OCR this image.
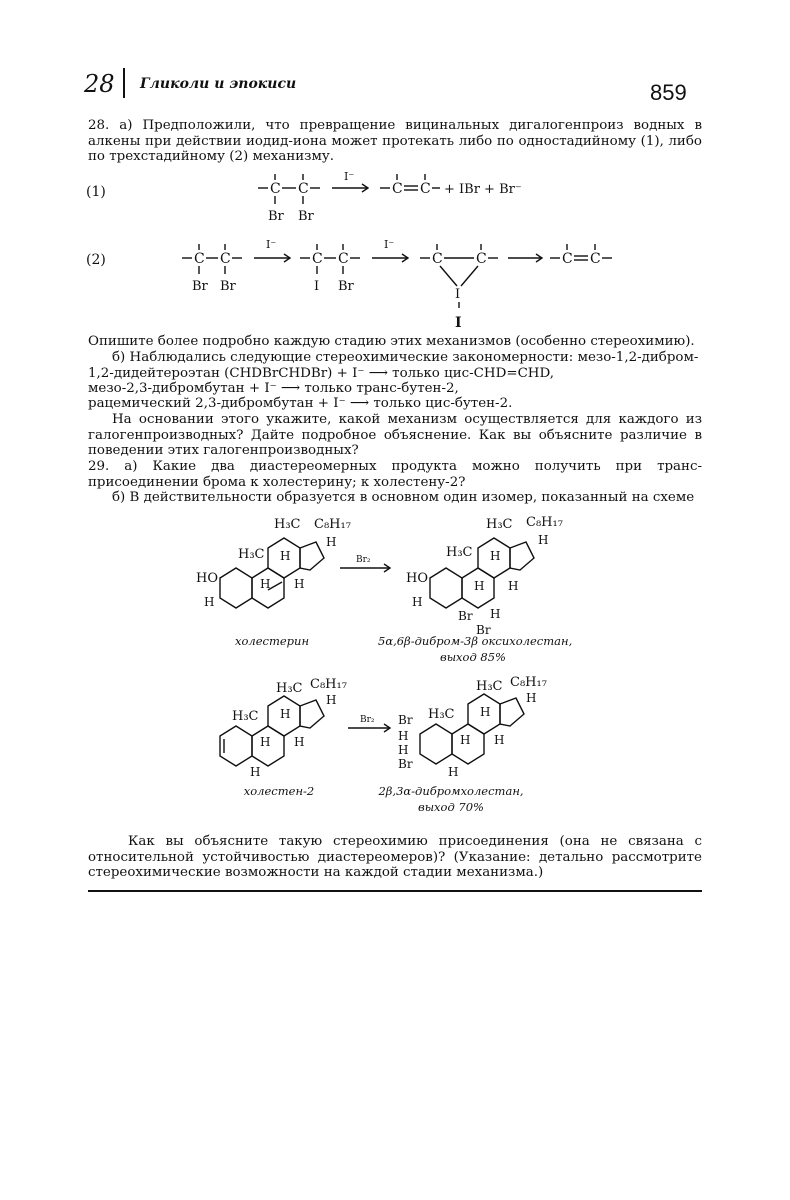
28 Гликоли и эпокиси	859
28. а) Предположили, что превращение вицинальных дигалогенпроиз водных в алкены при действии иодид-иона может протекать либо по одностадийному (1), либо по трехстадийному (2) механизму.
(1)	C C
Br Br
I⁻
C C + IBr + Br⁻
(2)	C C
Br Br
I⁻
C C
I Br
I⁻
C C
I
C C
I
Опишите более подробно каждую стадию этих механизмов (особенно стереохимию).
б) Наблюдались следующие стереохимические закономерности: мезо-1,2-дибром-
1,2-дидейтероэтан (CHDBrCHDBr) + I⁻ ⟶ только цис-CHD=CHD,
мезо-2,3-дибромбутан + I⁻ ⟶ только транс-бутен-2,
рацемический 2,3-дибромбутан + I⁻ ⟶ только цис-бутен-2.
На основании этого укажите, какой механизм осуществляется для каждого из галогенпроизводных? Дайте подробное объяснение. Как вы объясните различие в поведении этих галогенпроизводных?
29. а) Какие два диастереомерных продукта можно получить при транс-присоединении брома к холестерину; к холестену-2?
б) В действительности образуется в основном один изомер, показанный на схеме
H₃C C₈H₁₇
H
H₃C H
H H
HO
H
Br₂
H₃C C₈H₁₇
H
H₃C H
H H
HO
H
Br H
Br
холестерин	5α,6β-дибром-3β оксихолестан,
выход 85%
H₃C C₈H₁₇
H
H₃C H
H H
H
Br₂
H₃C C₈H₁₇
H
H₃C H
H H
Br
H
H
Br
H
холестен-2	2β,3α-дибромхолестан,
выход 70%
Как вы объясните такую стереохимию присоединения (она не связана с относительной устойчивостью диастереомеров)? (Указание: детально рассмотрите стереохимические возможности на каждой стадии механизма.)
